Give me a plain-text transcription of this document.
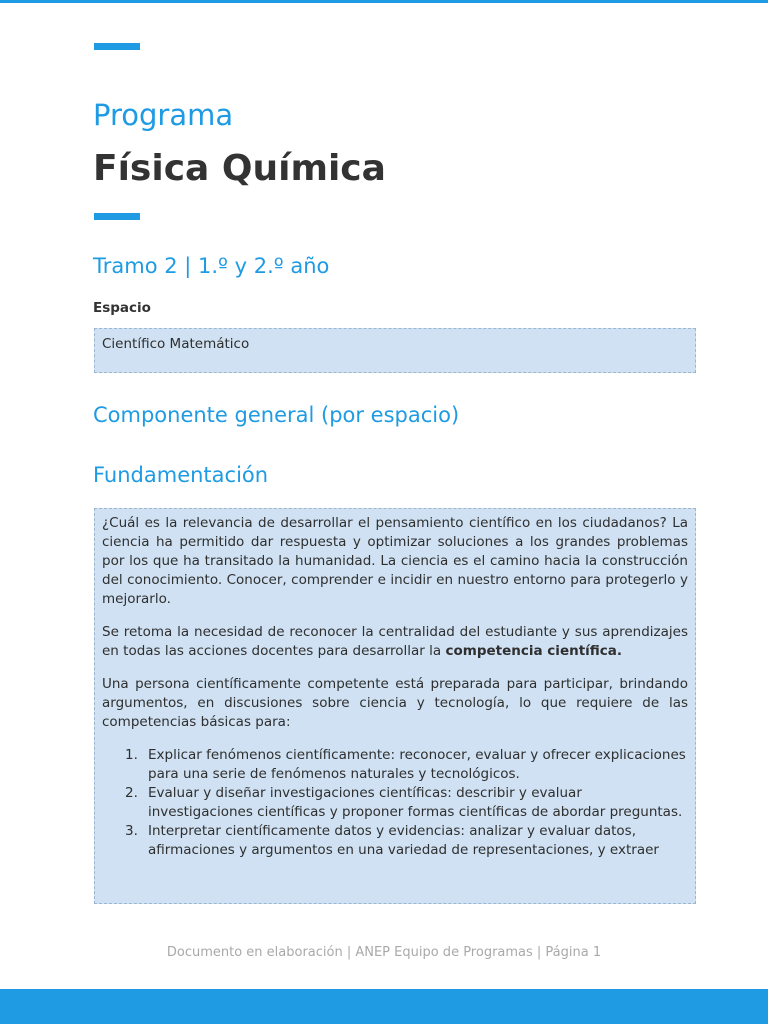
Programa
Física Química
Tramo 2 | 1.º y 2.º año
Espacio
Científico Matemático
Componente general (por espacio)
Fundamentación

¿Cuál es la relevancia de desarrollar el pensamiento científico en los ciudadanos? La ciencia ha permitido dar respuesta y optimizar soluciones a los grandes problemas por los que ha transitado la humanidad. La ciencia es el camino hacia la construcción del conocimiento. Conocer, comprender e incidir en nuestro entorno para protegerlo y mejorarlo.

Se retoma la necesidad de reconocer la centralidad del estudiante y sus aprendizajes en todas las acciones docentes para desarrollar la competencia científica.

Una persona científicamente competente está preparada para participar, brindando argumentos, en discusiones sobre ciencia y tecnología, lo que requiere de las competencias básicas para:

1. Explicar fenómenos científicamente: reconocer, evaluar y ofrecer explicaciones para una serie de fenómenos naturales y tecnológicos.
2. Evaluar y diseñar investigaciones científicas: describir y evaluar investigaciones científicas y proponer formas científicas de abordar preguntas.
3. Interpretar científicamente datos y evidencias: analizar y evaluar datos, afirmaciones y argumentos en una variedad de representaciones, y extraer
Documento en elaboración | ANEP Equipo de Programas | Página 1
